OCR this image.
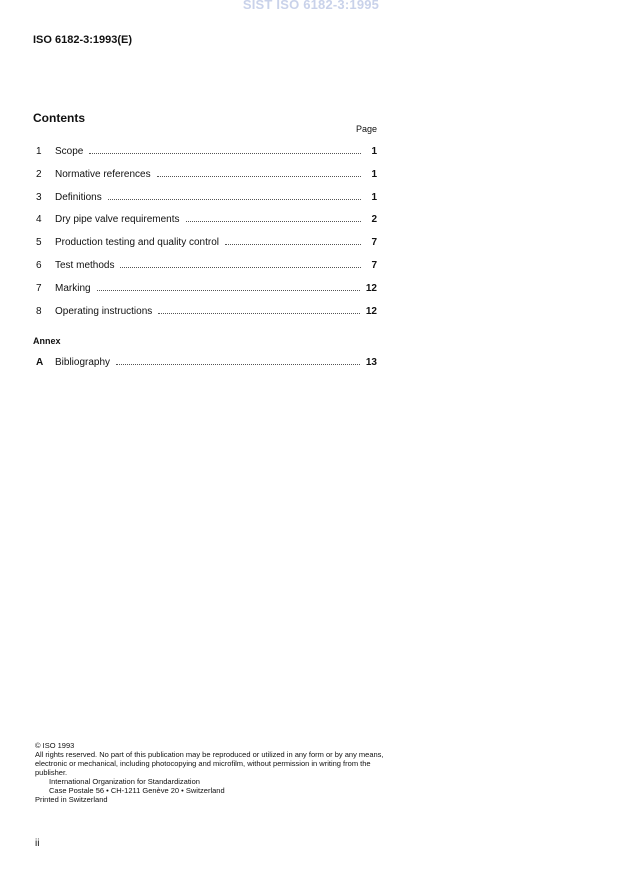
SIST ISO 6182-3:1995
ISO 6182-3:1993(E)
Contents
Page
1	Scope	1
2	Normative references	1
3	Definitions	1
4	Dry pipe valve requirements	2
5	Production testing and quality control	7
6	Test methods	7
7	Marking	12
8	Operating instructions	12
Annex
A	Bibliography	13

© ISO 1993

All rights reserved. No part of this publication may be reproduced or utilized in any form or by any means, electronic or mechanical, including photocopying and microfilm, without permission in writing from the publisher.

International Organization for Standardization

Case Postale 56 • CH-1211 Genève 20 • Switzerland

Printed in Switzerland

ii
